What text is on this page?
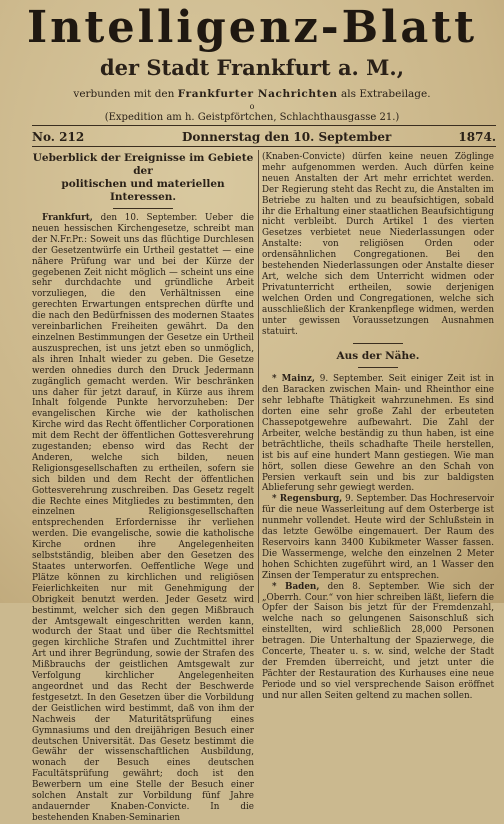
Intelligenz-Blatt
der Stadt Frankfurt a. M.,
verbunden mit den Frankfurter Nachrichten als Extrabeilage.
o
(Expedition am h. Geistpförtchen, Schlachthausgasse 21.)
No. 212	Donnerstag den 10. September	1874.
Ueberblick der Ereignisse im Gebiete der
politischen und materiellen Interessen.

Frankfurt, den 10. September. Ueber die neuen hessischen Kirchengesetze, schreibt man der N.Fr.Pr.: Soweit uns das flüchtige Durchlesen der Gesetzentwürfe ein Urtheil gestattet — eine nähere Prüfung war und bei der Kürze der gegebenen Zeit nicht möglich — scheint uns eine sehr durchdachte und gründliche Arbeit vorzuliegen, die den Verhältnissen eine gerechten Erwartungen entsprechen dürfte und die nach den Bedürfnissen des modernen Staates vereinbarlichen Freiheiten gewährt. Da den einzelnen Bestimmungen der Gesetze ein Urtheil auszusprechen, ist uns jetzt eben so unmöglich, als ihren Inhalt wieder zu geben. Die Gesetze werden ohnedies durch den Druck Jedermann zugänglich gemacht werden. Wir beschränken uns daher für jetzt darauf, in Kürze aus ihrem Inhalt folgende Punkte hervorzuheben: Der evangelischen Kirche wie der katholischen Kirche wird das Recht öffentlicher Corporationen mit dem Recht der öffentlichen Gottesverehrung zugestanden; ebenso wird das Recht der Anderen, welche sich bilden, neuen Religionsgesellschaften zu ertheilen, sofern sie sich bilden und dem Recht der öffentlichen Gottesverehrung zuschreiben. Das Gesetz regelt die Rechte eines Mitgliedes zu bestimmten, den einzelnen Religionsgesellschaften entsprechenden Erfordernisse ihr verliehen werden. Die evangelische, sowie die katholische Kirche ordnen ihre Angelegenheiten selbstständig, bleiben aber den Gesetzen des Staates unterworfen. Oeffentliche Wege und Plätze können zu kirchlichen und religiösen Feierlichkeiten nur mit Genehmigung der Obrigkeit benutzt werden. Jeder Gesetz wird bestimmt, welcher sich den gegen Mißbrauch der Amtsgewalt eingeschritten werden kann, wodurch der Staat und über die Rechtsmittel gegen kirchliche Strafen und Zuchtmittel ihrer Art und ihrer Begründung, sowie der Strafen des Mißbrauchs der geistlichen Amtsgewalt zur Verfolgung kirchlicher Angelegenheiten angeordnet und das Recht der Beschwerde festgesetzt. In den Gesetzen über die Vorbildung der Geistlichen wird bestimmt, daß von ihm der Nachweis der Maturitätsprüfung eines Gymnasiums und den dreijährigen Besuch einer deutschen Universität. Das Gesetz bestimmt die Gewähr der wissenschaftlichen Ausbildung, wonach der Besuch eines deutschen Facultätsprüfung gewährt; doch ist den Bewerbern um eine Stelle der Besuch einer solchen Anstalt zur Vorbildung fünf Jahre andauernder Knaben-Convicte. In die bestehenden Knaben-Seminarien

(Knaben-Convicte) dürfen keine neuen Zöglinge mehr aufgenommen werden. Auch dürfen keine neuen Anstalten der Art mehr errichtet werden. Der Regierung steht das Recht zu, die Anstalten im Betriebe zu halten und zu beaufsichtigen, sobald ihr die Erhaltung einer staatlichen Beaufsichtigung nicht verbleibt. Durch Artikel 1 des vierten Gesetzes verbietet neue Niederlassungen oder Anstalte: von religiösen Orden oder ordensähnlichen Congregationen. Bei den bestehenden Niederlassungen oder Anstalte dieser Art, welche sich dem Unterricht widmen oder Privatunterricht ertheilen, sowie derjenigen welchen Orden und Congregationen, welche sich ausschließlich der Krankenpflege widmen, werden unter gewissen Voraussetzungen Ausnahmen statuirt.

Aus der Nähe.

* Mainz, 9. September. Seit einiger Zeit ist in den Baracken zwischen Main- und Rheinthor eine sehr lebhafte Thätigkeit wahrzunehmen. Es sind dorten eine sehr große Zahl der erbeuteten Chassepotgewehre aufbewahrt. Die Zahl der Arbeiter, welche beständig zu thun haben, ist eine beträchtliche, theils schadhafte Theile herstellen, ist bis auf eine hundert Mann gestiegen. Wie man hört, sollen diese Gewehre an den Schah von Persien verkauft sein und bis zur baldigsten Ablieferung sehr gewiegt werden.

* Regensburg, 9. September. Das Hochreservoir für die neue Wasserleitung auf dem Osterberge ist nunmehr vollendet. Heute wird der Schlußstein in das letzte Gewölbe eingemauert. Der Raum des Reservoirs kann 3400 Kubikmeter Wasser fassen. Die Wassermenge, welche den einzelnen 2 Meter hohen Schichten zugeführt wird, an 1 Wasser den Zinsen der Temperatur zu entsprechen.

* Baden, den 8. September. Wie sich der „Oberrh. Cour.“ von hier schreiben läßt, liefern die Opfer der Saison bis jetzt für der Fremdenzahl, welche nach so gelungenen Saisonschluß sich einstellten, wird schließlich 28,000 Personen betragen. Die Unterhaltung der Spazierwege, die Concerte, Theater u. s. w. sind, welche der Stadt der Fremden überreicht, und jetzt unter die Pächter der Restauration des Kurhauses eine neue Periode und so viel versprechende Saison eröffnet und nur allen Seiten geltend zu machen sollen.
